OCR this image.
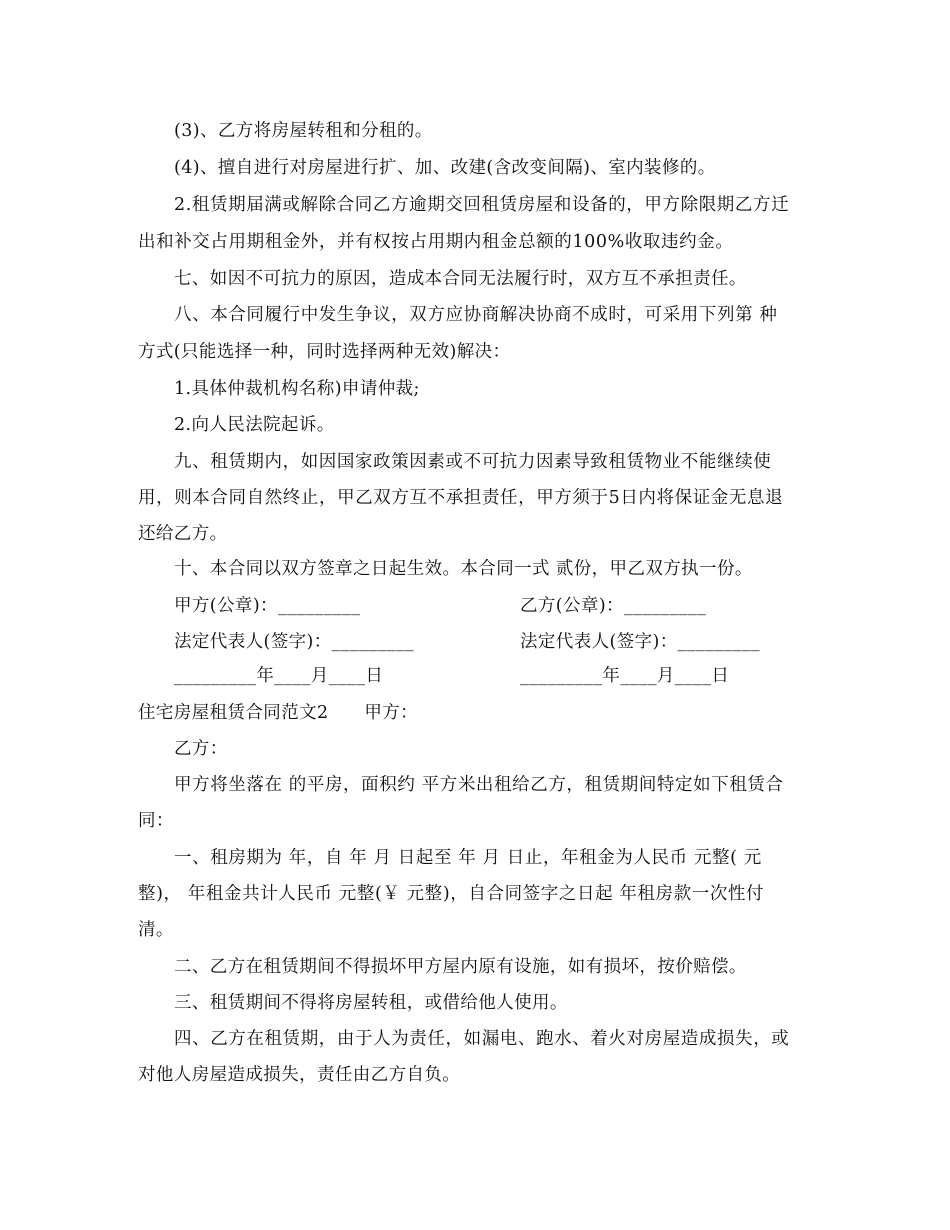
(3)、乙方将房屋转租和分租的。
(4)、擅自进行对房屋进行扩、加、改建(含改变间隔)、室内装修的。
2.租赁期届满或解除合同乙方逾期交回租赁房屋和设备的，甲方除限期乙方迁
出和补交占用期租金外，并有权按占用期内租金总额的100%收取违约金。
七、如因不可抗力的原因，造成本合同无法履行时，双方互不承担责任。
八、本合同履行中发生争议，双方应协商解决协商不成时，可采用下列第 种
方式(只能选择一种，同时选择两种无效)解决：
1.具体仲裁机构名称)申请仲裁;
2.向人民法院起诉。
九、租赁期内，如因国家政策因素或不可抗力因素导致租赁物业不能继续使
用，则本合同自然终止，甲乙双方互不承担责任，甲方须于5日内将保证金无息退
还给乙方。
十、本合同以双方签章之日起生效。本合同一式 贰份，甲乙双方执一份。
甲方(公章)：_________	乙方(公章)：_________
法定代表人(签字)：_________	法定代表人(签字)：_________
_________年____月____日	_________年____月____日
住宅房屋租赁合同范文2　　甲方：
乙方：
甲方将坐落在 的平房，面积约 平方米出租给乙方，租赁期间特定如下租赁合
同：
一、租房期为 年，自 年 月 日起至 年 月 日止，年租金为人民币 元整( 元
整)， 年租金共计人民币 元整(￥ 元整)，自合同签字之日起 年租房款一次性付
清。
二、乙方在租赁期间不得损坏甲方屋内原有设施，如有损坏，按价赔偿。
三、租赁期间不得将房屋转租，或借给他人使用。
四、乙方在租赁期，由于人为责任，如漏电、跑水、着火对房屋造成损失，或
对他人房屋造成损失，责任由乙方自负。
